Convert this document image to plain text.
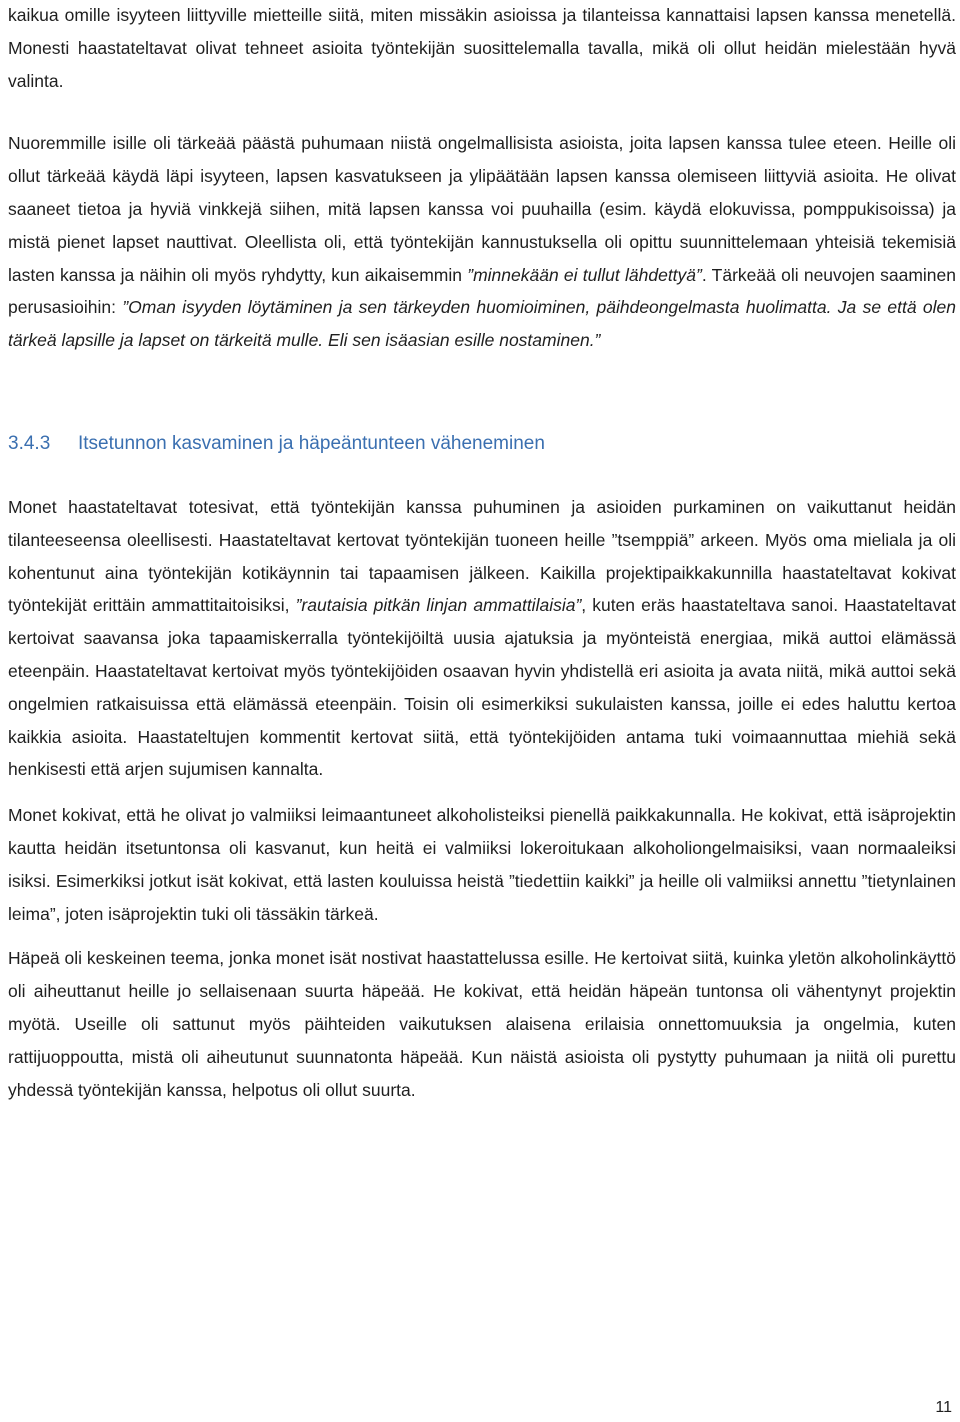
kaikua omille isyyteen liittyville mietteille siitä, miten missäkin asioissa ja tilanteissa kannattaisi lapsen kanssa menetellä. Monesti haastateltavat olivat tehneet asioita työntekijän suosittelemalla tavalla, mikä oli ollut heidän mielestään hyvä valinta.

Nuoremmille isille oli tärkeää päästä puhumaan niistä ongelmallisista asioista, joita lapsen kanssa tulee eteen. Heille oli ollut tärkeää käydä läpi isyyteen, lapsen kasvatukseen ja ylipäätään lapsen kanssa olemiseen liittyviä asioita. He olivat saaneet tietoa ja hyviä vinkkejä siihen, mitä lapsen kanssa voi puuhailla (esim. käydä elokuvissa, pomppukisoissa) ja mistä pienet lapset nauttivat. Oleellista oli, että työntekijän kannustuksella oli opittu suunnittelemaan yhteisiä tekemisiä lasten kanssa ja näihin oli myös ryhdytty, kun aikaisemmin ”minnekään ei tullut lähdettyä”. Tärkeää oli neuvojen saaminen perusasioihin: ”Oman isyyden löytäminen ja sen tärkeyden huomioiminen, päihdeongelmasta huolimatta. Ja se että olen tärkeä lapsille ja lapset on tärkeitä mulle. Eli sen isäasian esille nostaminen.”

3.4.3 Itsetunnon kasvaminen ja häpeäntunteen väheneminen

Monet haastateltavat totesivat, että työntekijän kanssa puhuminen ja asioiden purkaminen on vaikuttanut heidän tilanteeseensa oleellisesti. Haastateltavat kertovat työntekijän tuoneen heille ”tsemppiä” arkeen. Myös oma mieliala ja oli kohentunut aina työntekijän kotikäynnin tai tapaamisen jälkeen. Kaikilla projektipaikkakunnilla haastateltavat kokivat työntekijät erittäin ammattitaitoisiksi, ”rautaisia pitkän linjan ammattilaisia”, kuten eräs haastateltava sanoi. Haastateltavat kertoivat saavansa joka tapaamiskerralla työntekijöiltä uusia ajatuksia ja myönteistä energiaa, mikä auttoi elämässä eteenpäin. Haastateltavat kertoivat myös työntekijöiden osaavan hyvin yhdistellä eri asioita ja avata niitä, mikä auttoi sekä ongelmien ratkaisuissa että elämässä eteenpäin. Toisin oli esimerkiksi sukulaisten kanssa, joille ei edes haluttu kertoa kaikkia asioita. Haastateltujen kommentit kertovat siitä, että työntekijöiden antama tuki voimaannuttaa miehiä sekä henkisesti että arjen sujumisen kannalta.

Monet kokivat, että he olivat jo valmiiksi leimaantuneet alkoholisteiksi pienellä paikkakunnalla. He kokivat, että isäprojektin kautta heidän itsetuntonsa oli kasvanut, kun heitä ei valmiiksi lokeroitukaan alkoholiongelmaisiksi, vaan normaaleiksi isiksi. Esimerkiksi jotkut isät kokivat, että lasten kouluissa heistä ”tiedettiin kaikki” ja heille oli valmiiksi annettu ”tietynlainen leima”, joten isäprojektin tuki oli tässäkin tärkeä.

Häpeä oli keskeinen teema, jonka monet isät nostivat haastattelussa esille. He kertoivat siitä, kuinka yletön alkoholinkäyttö oli aiheuttanut heille jo sellaisenaan suurta häpeää. He kokivat, että heidän häpeän tuntonsa oli vähentynyt projektin myötä. Useille oli sattunut myös päihteiden vaikutuksen alaisena erilaisia onnettomuuksia ja ongelmia, kuten rattijuoppoutta, mistä oli aiheutunut suunnatonta häpeää. Kun näistä asioista oli pystytty puhumaan ja niitä oli purettu yhdessä työntekijän kanssa, helpotus oli ollut suurta.

11
